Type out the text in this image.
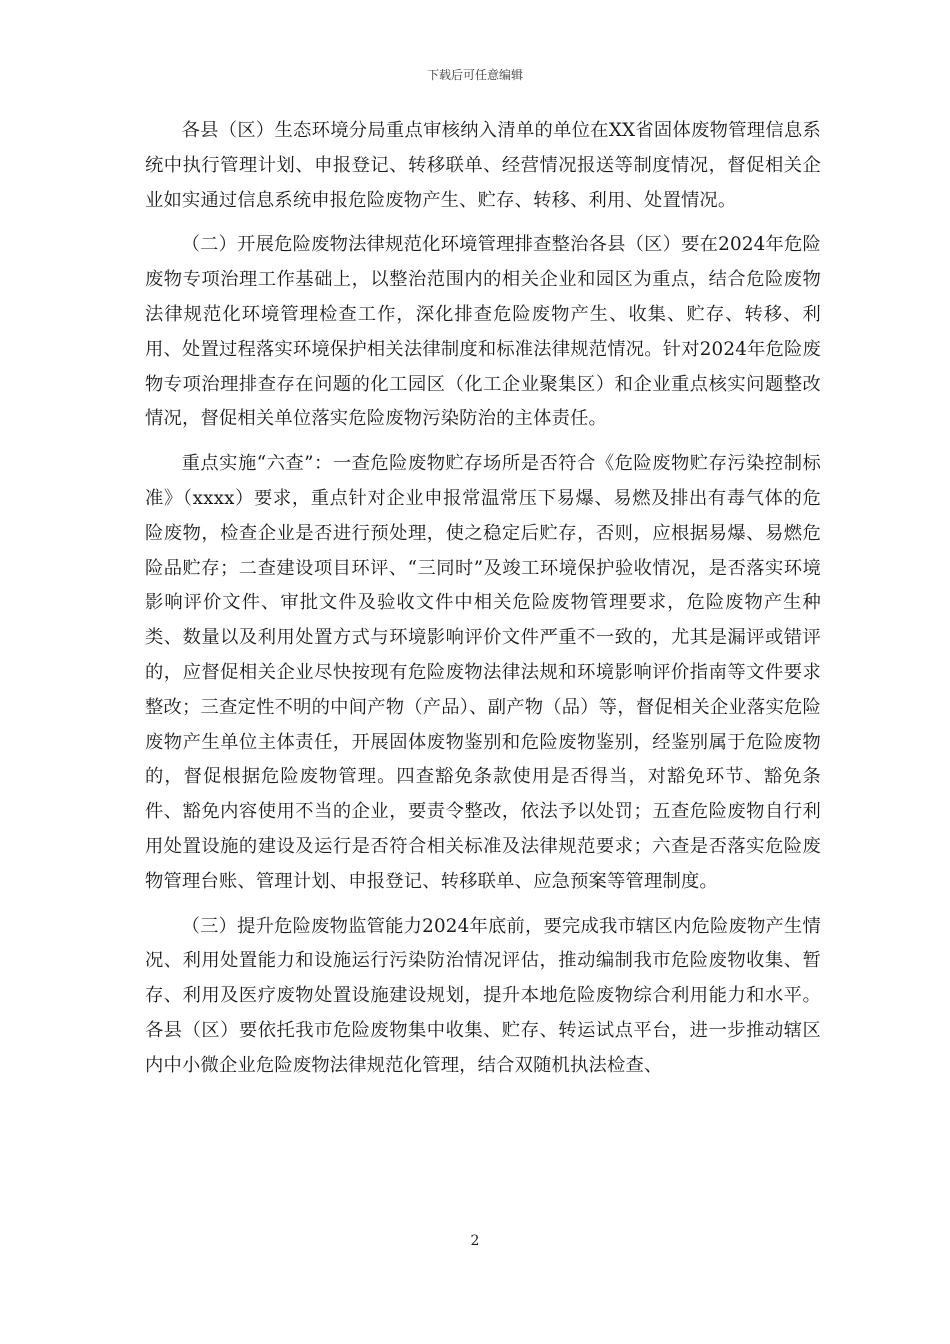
下载后可任意编辑

各县（区）生态环境分局重点审核纳入清单的单位在XX省固体废物管理信息系统中执行管理计划、申报登记、转移联单、经营情况报送等制度情况，督促相关企业如实通过信息系统申报危险废物产生、贮存、转移、利用、处置情况。

（二）开展危险废物法律规范化环境管理排查整治各县（区）要在2024年危险废物专项治理工作基础上，以整治范围内的相关企业和园区为重点，结合危险废物法律规范化环境管理检查工作，深化排查危险废物产生、收集、贮存、转移、利用、处置过程落实环境保护相关法律制度和标准法律规范情况。针对2024年危险废物专项治理排查存在问题的化工园区（化工企业聚集区）和企业重点核实问题整改情况，督促相关单位落实危险废物污染防治的主体责任。

重点实施“六查”：一查危险废物贮存场所是否符合《危险废物贮存污染控制标准》（xxxx）要求，重点针对企业申报常温常压下易爆、易燃及排出有毒气体的危险废物，检查企业是否进行预处理，使之稳定后贮存，否则，应根据易爆、易燃危险品贮存；二查建设项目环评、“三同时”及竣工环境保护验收情况，是否落实环境影响评价文件、审批文件及验收文件中相关危险废物管理要求，危险废物产生种类、数量以及利用处置方式与环境影响评价文件严重不一致的，尤其是漏评或错评的，应督促相关企业尽快按现有危险废物法律法规和环境影响评价指南等文件要求整改；三查定性不明的中间产物（产品）、副产物（品）等，督促相关企业落实危险废物产生单位主体责任，开展固体废物鉴别和危险废物鉴别，经鉴别属于危险废物的，督促根据危险废物管理。四查豁免条款使用是否得当，对豁免环节、豁免条件、豁免内容使用不当的企业，要责令整改，依法予以处罚；五查危险废物自行利用处置设施的建设及运行是否符合相关标准及法律规范要求；六查是否落实危险废物管理台账、管理计划、申报登记、转移联单、应急预案等管理制度。

（三）提升危险废物监管能力2024年底前，要完成我市辖区内危险废物产生情况、利用处置能力和设施运行污染防治情况评估，推动编制我市危险废物收集、暂存、利用及医疗废物处置设施建设规划，提升本地危险废物综合利用能力和水平。各县（区）要依托我市危险废物集中收集、贮存、转运试点平台，进一步推动辖区内中小微企业危险废物法律规范化管理，结合双随机执法检查、

2
